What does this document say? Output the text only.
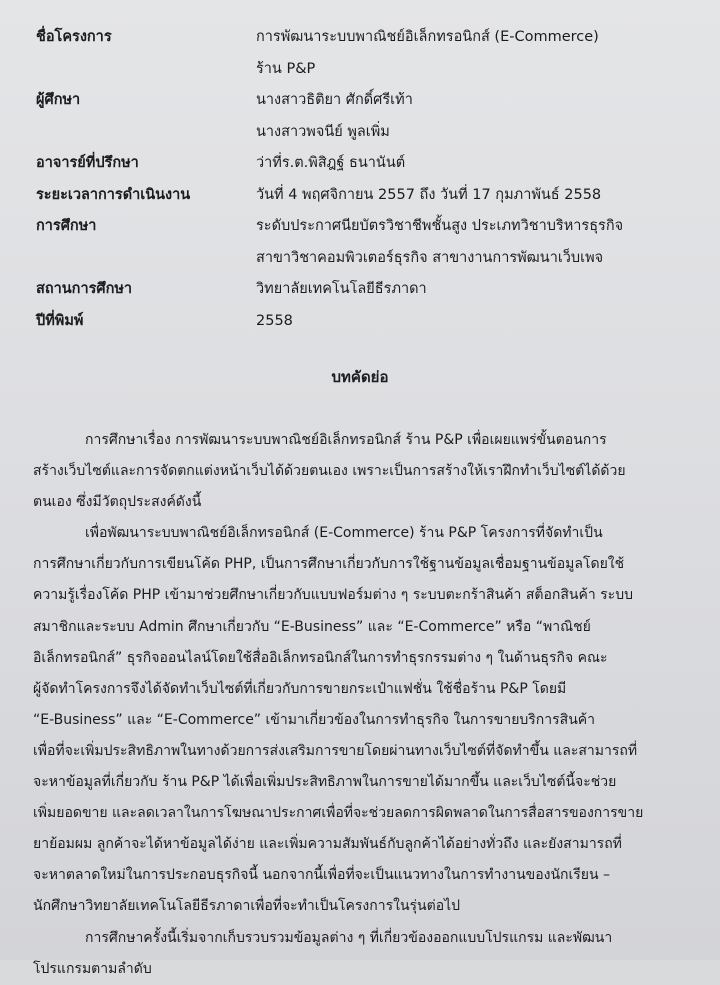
ชื่อโครงการ	การพัฒนาระบบพาณิชย์อิเล็กทรอนิกส์ (E-Commerce)
ร้าน P&P
ผู้ศึกษา	นางสาวธิติยา ศักดิ์ศรีเท้า
นางสาวพจนีย์ พูลเพิ่ม
อาจารย์ที่ปรึกษา	ว่าที่ร.ต.พิสิฎฐ์ ธนานันต์
ระยะเวลาการดำเนินงาน	วันที่ 4 พฤศจิกายน 2557 ถึง วันที่ 17 กุมภาพันธ์ 2558
การศึกษา	ระดับประกาศนียบัตรวิชาชีพชั้นสูง ประเภทวิชาบริหารธุรกิจ
สาขาวิชาคอมพิวเตอร์ธุรกิจ สาขางานการพัฒนาเว็บเพจ
สถานการศึกษา	วิทยาลัยเทคโนโลยีธีรภาดา
ปีที่พิมพ์	2558
บทคัดย่อ
การศึกษาเรื่อง การพัฒนาระบบพาณิชย์อิเล็กทรอนิกส์ ร้าน P&P เพื่อเผยแพร่ขั้นตอนการ
สร้างเว็บไซต์และการจัดตกแต่งหน้าเว็บได้ด้วยตนเอง เพราะเป็นการสร้างให้เราฝึกทำเว็บไซต์ได้ด้วย
ตนเอง ซึ่งมีวัตถุประสงค์ดังนี้
เพื่อพัฒนาระบบพาณิชย์อิเล็กทรอนิกส์ (E-Commerce) ร้าน P&P โครงการที่จัดทำเป็น
การศึกษาเกี่ยวกับการเขียนโค้ด PHP, เป็นการศึกษาเกี่ยวกับการใช้ฐานข้อมูลเชื่อมฐานข้อมูลโดยใช้
ความรู้เรื่องโค้ด PHP เข้ามาช่วยศึกษาเกี่ยวกับแบบฟอร์มต่าง ๆ ระบบตะกร้าสินค้า สต็อกสินค้า ระบบ
สมาชิกและระบบ Admin ศึกษาเกี่ยวกับ “E-Business” และ “E-Commerce” หรือ “พาณิชย์
อิเล็กทรอนิกส์” ธุรกิจออนไลน์โดยใช้สื่ออิเล็กทรอนิกส์ในการทำธุรกรรมต่าง ๆ ในด้านธุรกิจ คณะ
ผู้จัดทำโครงการจึงได้จัดทำเว็บไซต์ที่เกี่ยวกับการขายกระเป๋าแฟชั่น ใช้ชื่อร้าน P&P โดยมี
“E-Business” และ “E-Commerce” เข้ามาเกี่ยวข้องในการทำธุรกิจ ในการขายบริการสินค้า
เพื่อที่จะเพิ่มประสิทธิภาพในทางด้วยการส่งเสริมการขายโดยผ่านทางเว็บไซต์ที่จัดทำขึ้น และสามารถที่
จะหาข้อมูลที่เกี่ยวกับ ร้าน P&P ได้เพื่อเพิ่มประสิทธิภาพในการขายได้มากขึ้น และเว็บไซต์นี้จะช่วย
เพิ่มยอดขาย และลดเวลาในการโฆษณาประกาศเพื่อที่จะช่วยลดการผิดพลาดในการสื่อสารของการขาย
ยาย้อมผม ลูกค้าจะได้หาข้อมูลได้ง่าย และเพิ่มความสัมพันธ์กับลูกค้าได้อย่างทั่วถึง และยังสามารถที่
จะหาตลาดใหม่ในการประกอบธุรกิจนี้ นอกจากนี้เพื่อที่จะเป็นแนวทางในการทำงานของนักเรียน –
นักศึกษาวิทยาลัยเทคโนโลยีธีรภาดาเพื่อที่จะทำเป็นโครงการในรุ่นต่อไป
การศึกษาครั้งนี้เริ่มจากเก็บรวบรวมข้อมูลต่าง ๆ ที่เกี่ยวข้องออกแบบโปรแกรม และพัฒนา
โปรแกรมตามลำดับ
